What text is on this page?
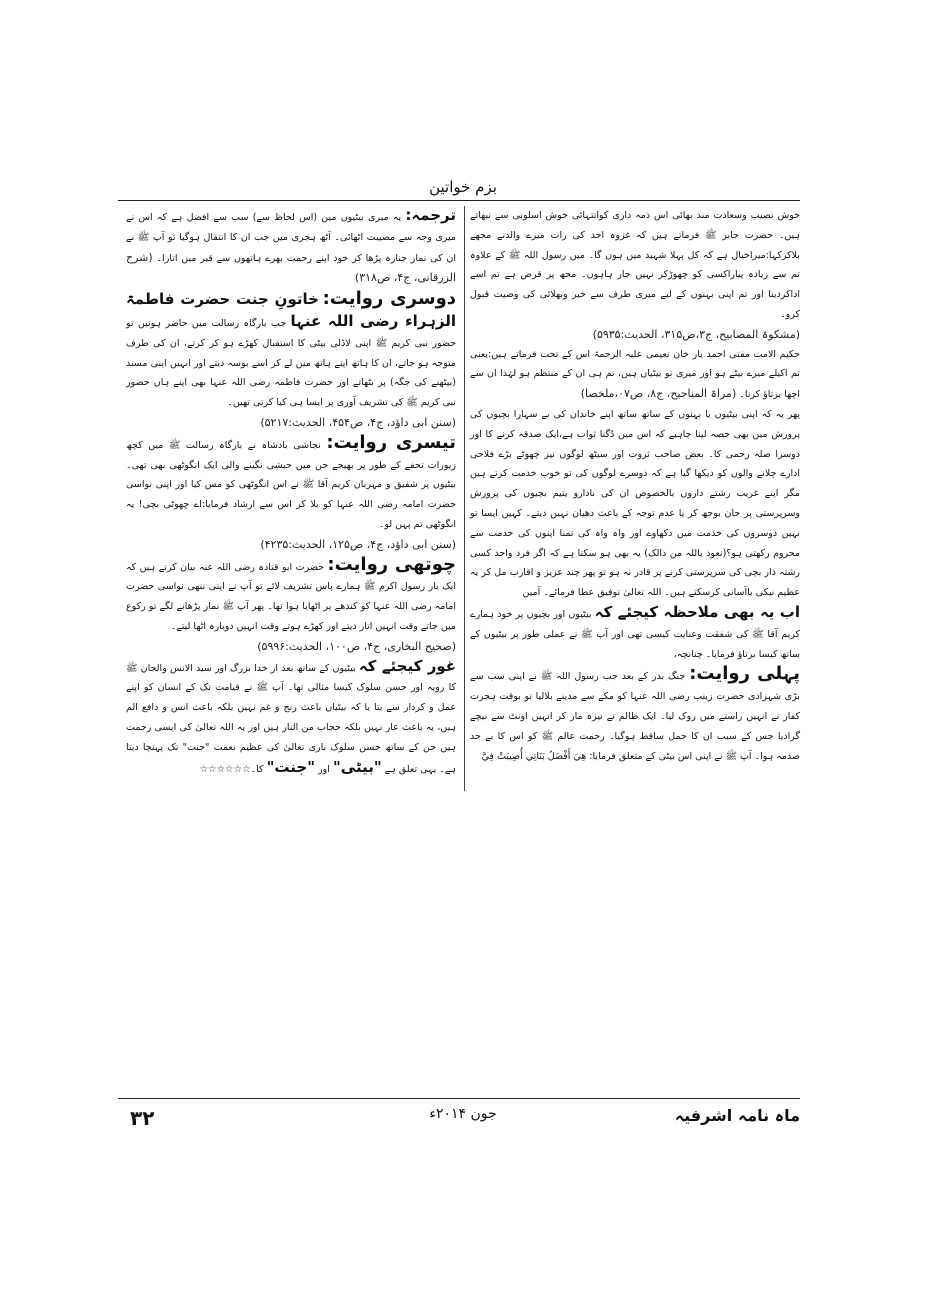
بزم خواتین

خوش نصیب وسعادت مند بھائی اس ذمہ داری کوانتہائی خوش اسلوبی سے نبھاتے ہیں۔ حضرت جابر ﷺ فرماتے ہیں کہ غزوہ احد کی رات میرے والدنے مجھے بلاکرکہا:میراخیال ہے کہ کل پہلا شہید میں ہوں گا۔ میں رسول اللہ ﷺ کے علاوہ تم سے زیادہ پیاراکسی کو چھوڑکر نہیں جار ہاہوں۔ مجھ پر قرض ہے تم اسے اداکردینا اور تم اپنی بہنوں کے لیے میری طرف سے خیر وبھلائی کی وصیت قبول کرو۔

(مشکوۃ المصابیح، ج۳،ص۳۱۵، الحدیث:۵۹۳۵)

حکیم الامت مفتی احمد یار خان نعیمی علیہ الرحمۃ اس کے تحت فرماتے ہیں:یعنی تم اکیلے میرے بیٹے ہو اور میری نو بیٹیاں ہیں، تم ہی ان کے منتظم ہو لہٰذا ان سے اچھا برتاؤ کرنا۔ (مراۃ المناجیح، ج۸، ص۰۷،ملخصا)

پھر یہ کہ اپنی بیٹیوں یا بہنوں کے ساتھ ساتھ اپنے خاندان کی بے سہارا بچیوں کی پرورش میں بھی حصہ لینا چاہیے کہ اس میں دُگنا ثواب ہے،ایک صدقہ کرنے کا اور دوسرا صلہ رحمی کا۔ بعض صاحب ثروت اور سیٹھ لوگوں نیز چھوٹے بڑے فلاحی ادارے چلانے والوں کو دیکھا گیا ہے کہ دوسرے لوگوں کی تو خوب خدمت کرتے ہیں مگر اپنے غریب رشتے داروں بالخصوص ان کی نادارو یتیم بچیوں کی پرورش وسرپرستی پر جان بوجھ کر یا عدم توجہ کے باعث دھیان نہیں دیتے۔ کہیں ایسا تو نہیں دوسروں کی خدمت میں دکھاوے اور واہ واہ کی تمنا اپنوں کی خدمت سے محروم رکھتی ہو؟(نعوذ باللہ من ذالک) یہ بھی ہو سکتا ہے کہ اگر فرد واحد کسی رشتہ دار بچی کی سرپرستی کرنے پر قادر نہ ہو تو پھر چند عزیز و اقارب مل کر یہ عظیم نیکی باآسانی کرسکتے ہیں۔ اللہ تعالیٰ توفیق عطا فرمائے۔ آمین

اب یہ بھی ملاحظہ کیجئے کہ بیٹیوں اور بچیوں پر خود ہمارے کریم آقا ﷺ کی شفقت وعنایت کیسی تھی اور آپ ﷺ نے عملی طور پر بیٹیوں کے ساتھ کیسا برتاؤ فرمایا۔ چنانچہ،

پہلی روایت: جنگ بدر کے بعد جب رسول اللہ ﷺ نے اپنی سب سے بڑی شہزادی حضرت زینب رضی اللہ عنہا کو مکے سے مدینے بلالیا تو بوقت ہجرت کفار نے انہیں راستے میں روک لیا۔ ایک ظالم نے نیزہ مار کر انہیں اونٹ سے نیچے گرادیا جس کے سبب ان کا حمل ساقط ہوگیا۔ رحمت عالم ﷺ کو اس کا بے حد صدمہ ہوا۔ آپ ﷺ نے اپنی اس بیٹی کے متعلق فرمایا: هِيَ أَفْضَلُ بَنَاتِي أُصِيبَتْ فِيَّ

ترجمہ: یہ میری بیٹیوں میں (اس لحاظ سے) سب سے افضل ہے کہ اس نے میری وجہ سے مصیبت اٹھائی۔ آٹھ ہجری میں جب ان کا انتقال ہوگیا تو آپ ﷺ نے ان کی نماز جنازہ پڑھا کر خود اپنے رحمت بھرے ہاتھوں سے قبر میں اتارا۔ (شرح الزرقانی، ج۴، ص۳۱۸)

دوسری روایت: خاتونِ جنت حضرت فاطمۃ الزہراء رضی اللہ عنہا جب بارگاہ رسالت میں حاضر ہوتیں تو حضور نبی کریم ﷺ اپنی لاڈلی بیٹی کا استقبال کھڑے ہو کر کرتے، ان کی طرف متوجہ ہو جاتے، ان کا ہاتھ اپنے ہاتھ میں لے کر اسے بوسہ دیتے اور انہیں اپنی مسند (بیٹھنے کی جگہ) پر بٹھاتے اور حضرت فاطمہ رضی اللہ عنہا بھی اپنے ہاں حضور نبی کریم ﷺ کی تشریف آوری پر ایسا ہی کیا کرتی تھیں۔

(سنن ابی داؤد، ج۴، ص۴۵۴، الحدیث:۵۲۱۷)

تیسری روایت: نجاشی بادشاہ نے بارگاہ رسالت ﷺ میں کچھ زیورات تحفے کے طور پر بھیجے جن میں حبشی نگینے والی ایک انگوٹھی بھی تھی۔ بیٹیوں پر شفیق و مہربان کریم آقا ﷺ نے اس انگوٹھی کو مس کیا اور اپنی نواسی حضرت امامہ رضی اللہ عنہا کو بلا کر اس سے ارشاد فرمایا:اے چھوٹی بچی! یہ انگوٹھی تم پہن لو۔

(سنن ابی داؤد، ج۴، ص۱۲۵، الحدیث:۴۲۳۵)

چوتھی روایت: حضرت ابو قتادہ رضی اللہ عنہ بیان کرتے ہیں کہ ایک بار رسول اکرم ﷺ ہمارے پاس تشریف لائے تو آپ نے اپنی ننھی نواسی حضرت امامہ رضی اللہ عنہا کو کندھے پر اٹھایا ہوا تھا۔ پھر آپ ﷺ نماز پڑھانے لگے تو رکوع میں جاتے وقت انہیں اتار دیتے اور کھڑے ہوتے وقت انہیں دوبارہ اٹھا لیتے۔

(صحیح البخاری، ج۴، ص۱۰۰، الحدیث:۵۹۹۶)

غور کیجئے کہ بیٹیوں کے ساتھ بعد از خدا بزرگ اور سید الانس والجان ﷺ کا رویہ اور حسن سلوک کیسا مثالی تھا۔ آپ ﷺ نے قیامت تک کے انسان کو اپنے عمل و کردار سے بتا یا کہ بیٹیاں باعث رنج و غم نہیں بلکہ باعث انس و دافع الم ہیں، یہ باعث عار نہیں بلکہ حجاب من النار ہیں اور یہ اللہ تعالیٰ کی ایسی رحمت ہیں جن کے ساتھ حسن سلوک باری تعالیٰ کی عظیم نعمت "جنت" تک پہنچا دیتا ہے۔ یہی تعلق ہے "بیٹی" اور "جنت" کا۔☆☆☆☆☆☆

ماہ نامہ اشرفیہ
جون ۲۰۱۴ء
۳۲
